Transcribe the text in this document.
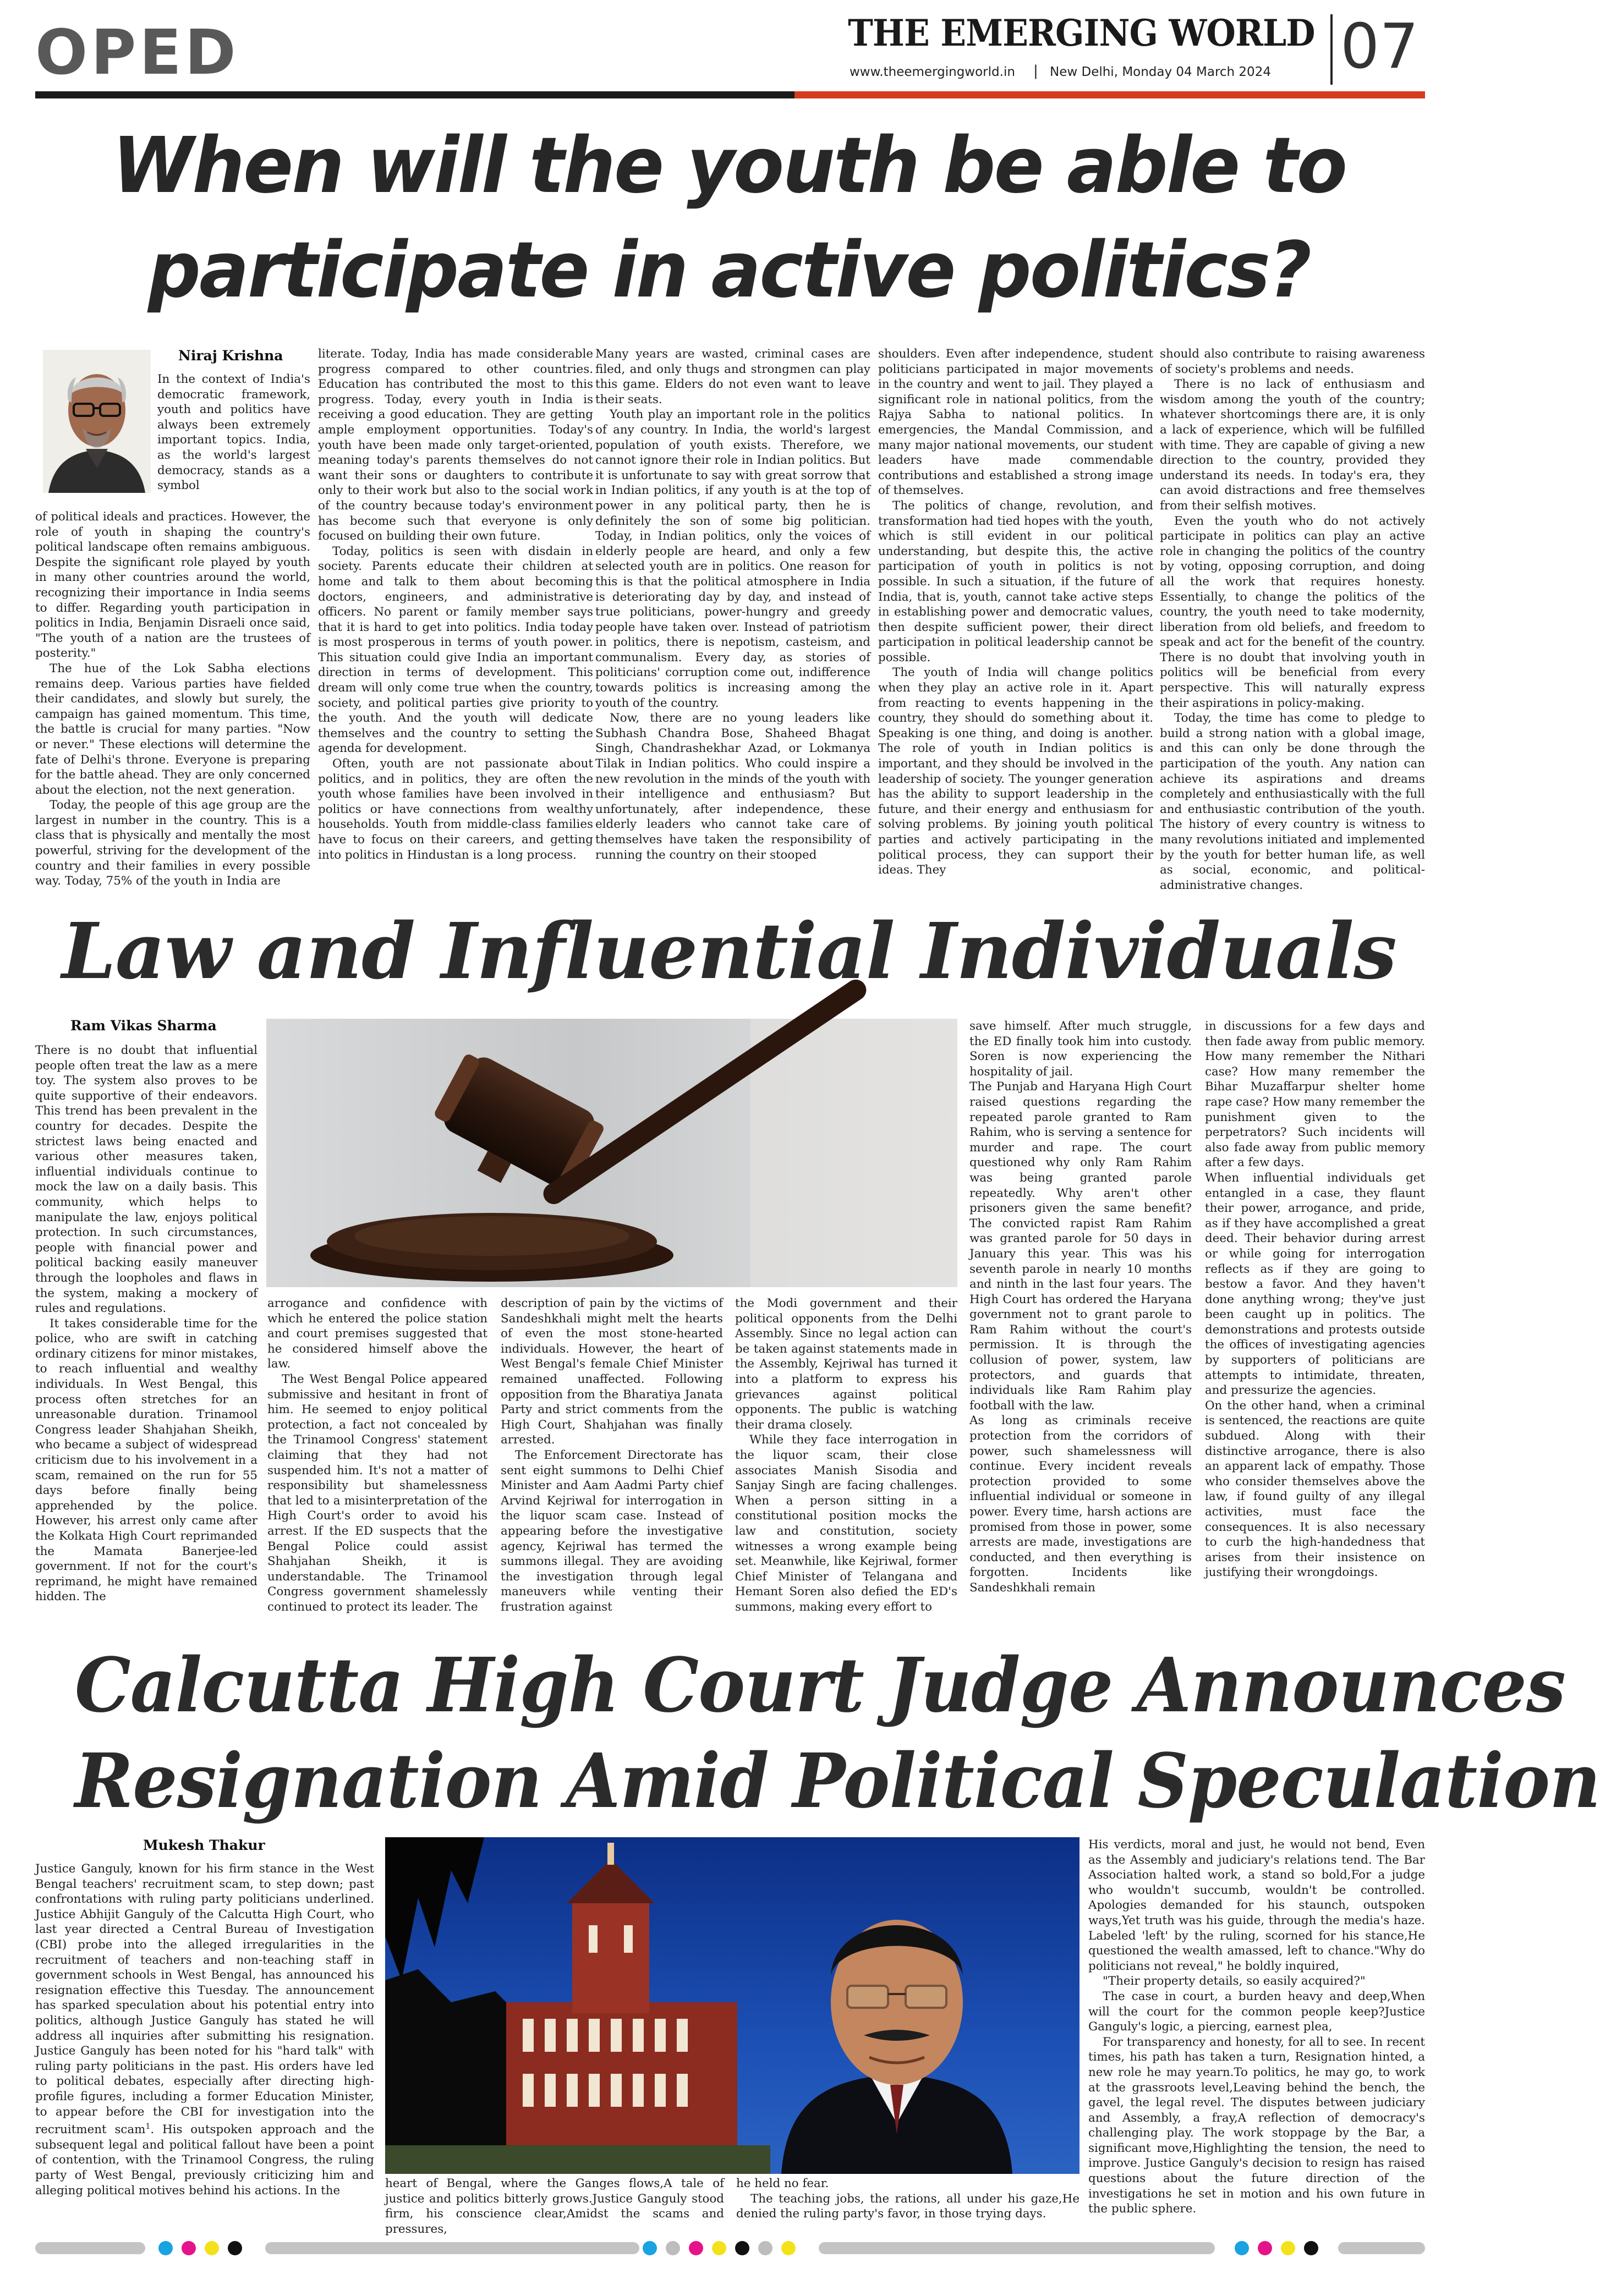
OPED	THE EMERGING WORLD
www.theemergingworld.in | New Delhi, Monday 04 March 2024 07
When will the youth be able to
participate in active politics?
Niraj Krishna

In the context of India's democratic framework, youth and politics have always been extremely important topics. India, as the world's largest democracy, stands as a symbol

of political ideals and practices. However, the role of youth in shaping the country's political landscape often remains ambiguous. Despite the significant role played by youth in many other countries around the world, recognizing their importance in India seems to differ. Regarding youth participation in politics in India, Benjamin Disraeli once said, "The youth of a nation are the trustees of posterity."

The hue of the Lok Sabha elections remains deep. Various parties have fielded their candidates, and slowly but surely, the campaign has gained momentum. This time, the battle is crucial for many parties. "Now or never." These elections will determine the fate of Delhi's throne. Everyone is preparing for the battle ahead. They are only concerned about the election, not the next generation.

Today, the people of this age group are the largest in number in the country. This is a class that is physically and mentally the most powerful, striving for the development of the country and their families in every possible way. Today, 75% of the youth in India are

literate. Today, India has made considerable progress compared to other countries. Education has contributed the most to this progress. Today, every youth in India is receiving a good education. They are getting ample employment opportunities. Today's youth have been made only target-oriented, meaning today's parents themselves do not want their sons or daughters to contribute only to their work but also to the social work of the country because today's environment has become such that everyone is only focused on building their own future.

Today, politics is seen with disdain in society. Parents educate their children at home and talk to them about becoming doctors, engineers, and administrative officers. No parent or family member says that it is hard to get into politics. India today is most prosperous in terms of youth power. This situation could give India an important direction in terms of development. This dream will only come true when the country, society, and political parties give priority to the youth. And the youth will dedicate themselves and the country to setting the agenda for development.

Often, youth are not passionate about politics, and in politics, they are often the youth whose families have been involved in politics or have connections from wealthy households. Youth from middle-class families have to focus on their careers, and getting into politics in Hindustan is a long process.

Many years are wasted, criminal cases are filed, and only thugs and strongmen can play this game. Elders do not even want to leave their seats.

Youth play an important role in the politics of any country. In India, the world's largest population of youth exists. Therefore, we cannot ignore their role in Indian politics. But it is unfortunate to say with great sorrow that in Indian politics, if any youth is at the top of power in any political party, then he is definitely the son of some big politician. Today, in Indian politics, only the voices of elderly people are heard, and only a few selected youth are in politics. One reason for this is that the political atmosphere in India is deteriorating day by day, and instead of true politicians, power-hungry and greedy people have taken over. Instead of patriotism in politics, there is nepotism, casteism, and communalism. Every day, as stories of politicians' corruption come out, indifference towards politics is increasing among the youth of the country.

Now, there are no young leaders like Subhash Chandra Bose, Shaheed Bhagat Singh, Chandrashekhar Azad, or Lokmanya Tilak in Indian politics. Who could inspire a new revolution in the minds of the youth with their intelligence and enthusiasm? But unfortunately, after independence, these elderly leaders who cannot take care of themselves have taken the responsibility of running the country on their stooped

shoulders. Even after independence, student politicians participated in major movements in the country and went to jail. They played a significant role in national politics, from the Rajya Sabha to national politics. In emergencies, the Mandal Commission, and many major national movements, our student leaders have made commendable contributions and established a strong image of themselves.

The politics of change, revolution, and transformation had tied hopes with the youth, which is still evident in our political understanding, but despite this, the active participation of youth in politics is not possible. In such a situation, if the future of India, that is, youth, cannot take active steps in establishing power and democratic values, then despite sufficient power, their direct participation in political leadership cannot be possible.

The youth of India will change politics when they play an active role in it. Apart from reacting to events happening in the country, they should do something about it. Speaking is one thing, and doing is another. The role of youth in Indian politics is important, and they should be involved in the leadership of society. The younger generation has the ability to support leadership in the future, and their energy and enthusiasm for solving problems. By joining youth political parties and actively participating in the political process, they can support their ideas. They

should also contribute to raising awareness of society's problems and needs.

There is no lack of enthusiasm and wisdom among the youth of the country; whatever shortcomings there are, it is only a lack of experience, which will be fulfilled with time. They are capable of giving a new direction to the country, provided they understand its needs. In today's era, they can avoid distractions and free themselves from their selfish motives.

Even the youth who do not actively participate in politics can play an active role in changing the politics of the country by voting, opposing corruption, and doing all the work that requires honesty. Essentially, to change the politics of the country, the youth need to take modernity, liberation from old beliefs, and freedom to speak and act for the benefit of the country. There is no doubt that involving youth in politics will be beneficial from every perspective. This will naturally express their aspirations in policy-making.

Today, the time has come to pledge to build a strong nation with a global image, and this can only be done through the participation of the youth. Any nation can achieve its aspirations and dreams completely and enthusiastically with the full and enthusiastic contribution of the youth. The history of every country is witness to many revolutions initiated and implemented by the youth for better human life, as well as social, economic, and political-administrative changes.

Law and Influential Individuals
Ram Vikas Sharma

There is no doubt that influential people often treat the law as a mere toy. The system also proves to be quite supportive of their endeavors. This trend has been prevalent in the country for decades. Despite the strictest laws being enacted and various other measures taken, influential individuals continue to mock the law on a daily basis. This community, which helps to manipulate the law, enjoys political protection. In such circumstances, people with financial power and political backing easily maneuver through the loopholes and flaws in the system, making a mockery of rules and regulations.

It takes considerable time for the police, who are swift in catching ordinary citizens for minor mistakes, to reach influential and wealthy individuals. In West Bengal, this process often stretches for an unreasonable duration. Trinamool Congress leader Shahjahan Sheikh, who became a subject of widespread criticism due to his involvement in a scam, remained on the run for 55 days before finally being apprehended by the police. However, his arrest only came after the Kolkata High Court reprimanded the Mamata Banerjee-led government. If not for the court's reprimand, he might have remained hidden. The

arrogance and confidence with which he entered the police station and court premises suggested that he considered himself above the law.

The West Bengal Police appeared submissive and hesitant in front of him. He seemed to enjoy political protection, a fact not concealed by the Trinamool Congress' statement claiming that they had not suspended him. It's not a matter of responsibility but shamelessness that led to a misinterpretation of the High Court's order to avoid his arrest. If the ED suspects that the Bengal Police could assist Shahjahan Sheikh, it is understandable. The Trinamool Congress government shamelessly continued to protect its leader. The

description of pain by the victims of Sandeshkhali might melt the hearts of even the most stone-hearted individuals. However, the heart of West Bengal's female Chief Minister remained unaffected. Following opposition from the Bharatiya Janata Party and strict comments from the High Court, Shahjahan was finally arrested.

The Enforcement Directorate has sent eight summons to Delhi Chief Minister and Aam Aadmi Party chief Arvind Kejriwal for interrogation in the liquor scam case. Instead of appearing before the investigative agency, Kejriwal has termed the summons illegal. They are avoiding the investigation through legal maneuvers while venting their frustration against

the Modi government and their political opponents from the Delhi Assembly. Since no legal action can be taken against statements made in the Assembly, Kejriwal has turned it into a platform to express his grievances against political opponents. The public is watching their drama closely.

While they face interrogation in the liquor scam, their close associates Manish Sisodia and Sanjay Singh are facing challenges. When a person sitting in a constitutional position mocks the law and constitution, society witnesses a wrong example being set. Meanwhile, like Kejriwal, former Chief Minister of Telangana and Hemant Soren also defied the ED's summons, making every effort to

save himself. After much struggle, the ED finally took him into custody. Soren is now experiencing the hospitality of jail.

The Punjab and Haryana High Court raised questions regarding the repeated parole granted to Ram Rahim, who is serving a sentence for murder and rape. The court questioned why only Ram Rahim was being granted parole repeatedly. Why aren't other prisoners given the same benefit? The convicted rapist Ram Rahim was granted parole for 50 days in January this year. This was his seventh parole in nearly 10 months and ninth in the last four years. The High Court has ordered the Haryana government not to grant parole to Ram Rahim without the court's permission. It is through the collusion of power, system, law protectors, and guards that individuals like Ram Rahim play football with the law.

As long as criminals receive protection from the corridors of power, such shamelessness will continue. Every incident reveals protection provided to some influential individual or someone in power. Every time, harsh actions are promised from those in power, some arrests are made, investigations are conducted, and then everything is forgotten. Incidents like Sandeshkhali remain

in discussions for a few days and then fade away from public memory. How many remember the Nithari case? How many remember the Bihar Muzaffarpur shelter home rape case? How many remember the punishment given to the perpetrators? Such incidents will also fade away from public memory after a few days.

When influential individuals get entangled in a case, they flaunt their power, arrogance, and pride, as if they have accomplished a great deed. Their behavior during arrest or while going for interrogation reflects as if they are going to bestow a favor. And they haven't done anything wrong; they've just been caught up in politics. The demonstrations and protests outside the offices of investigating agencies by supporters of politicians are attempts to intimidate, threaten, and pressurize the agencies.

On the other hand, when a criminal is sentenced, the reactions are quite subdued. Along with their distinctive arrogance, there is also an apparent lack of empathy. Those who consider themselves above the law, if found guilty of any illegal activities, must face the consequences. It is also necessary to curb the high-handedness that arises from their insistence on justifying their wrongdoings.

Calcutta High Court Judge Announces
Resignation Amid Political Speculation
Mukesh Thakur

Justice Ganguly, known for his firm stance in the West Bengal teachers' recruitment scam, to step down; past confrontations with ruling party politicians underlined. Justice Abhijit Ganguly of the Calcutta High Court, who last year directed a Central Bureau of Investigation (CBI) probe into the alleged irregularities in the recruitment of teachers and non-teaching staff in government schools in West Bengal, has announced his resignation effective this Tuesday. The announcement has sparked speculation about his potential entry into politics, although Justice Ganguly has stated he will address all inquiries after submitting his resignation. Justice Ganguly has been noted for his "hard talk" with ruling party politicians in the past. His orders have led to political debates, especially after directing high-profile figures, including a former Education Minister, to appear before the CBI for investigation into the recruitment scam$^1$. His outspoken approach and the subsequent legal and political fallout have been a point of contention, with the Trinamool Congress, the ruling party of West Bengal, previously criticizing him and alleging political motives behind his actions. In the

heart of Bengal, where the Ganges flows,A tale of justice and politics bitterly grows.Justice Ganguly stood firm, his conscience clear,Amidst the scams and pressures,

he held no fear.

The teaching jobs, the rations, all under his gaze,He denied the ruling party's favor, in those trying days.

His verdicts, moral and just, he would not bend, Even as the Assembly and judiciary's relations tend. The Bar Association halted work, a stand so bold,For a judge who wouldn't succumb, wouldn't be controlled. Apologies demanded for his staunch, outspoken ways,Yet truth was his guide, through the media's haze. Labeled 'left' by the ruling, scorned for his stance,He questioned the wealth amassed, left to chance."Why do politicians not reveal," he boldly inquired,

"Their property details, so easily acquired?"

The case in court, a burden heavy and deep,When will the court for the common people keep?Justice Ganguly's logic, a piercing, earnest plea,

For transparency and honesty, for all to see. In recent times, his path has taken a turn, Resignation hinted, a new role he may yearn.To politics, he may go, to work at the grassroots level,Leaving behind the bench, the gavel, the legal revel. The disputes between judiciary and Assembly, a fray,A reflection of democracy's challenging play. The work stoppage by the Bar, a significant move,Highlighting the tension, the need to improve. Justice Ganguly's decision to resign has raised questions about the future direction of the investigations he set in motion and his own future in the public sphere.
